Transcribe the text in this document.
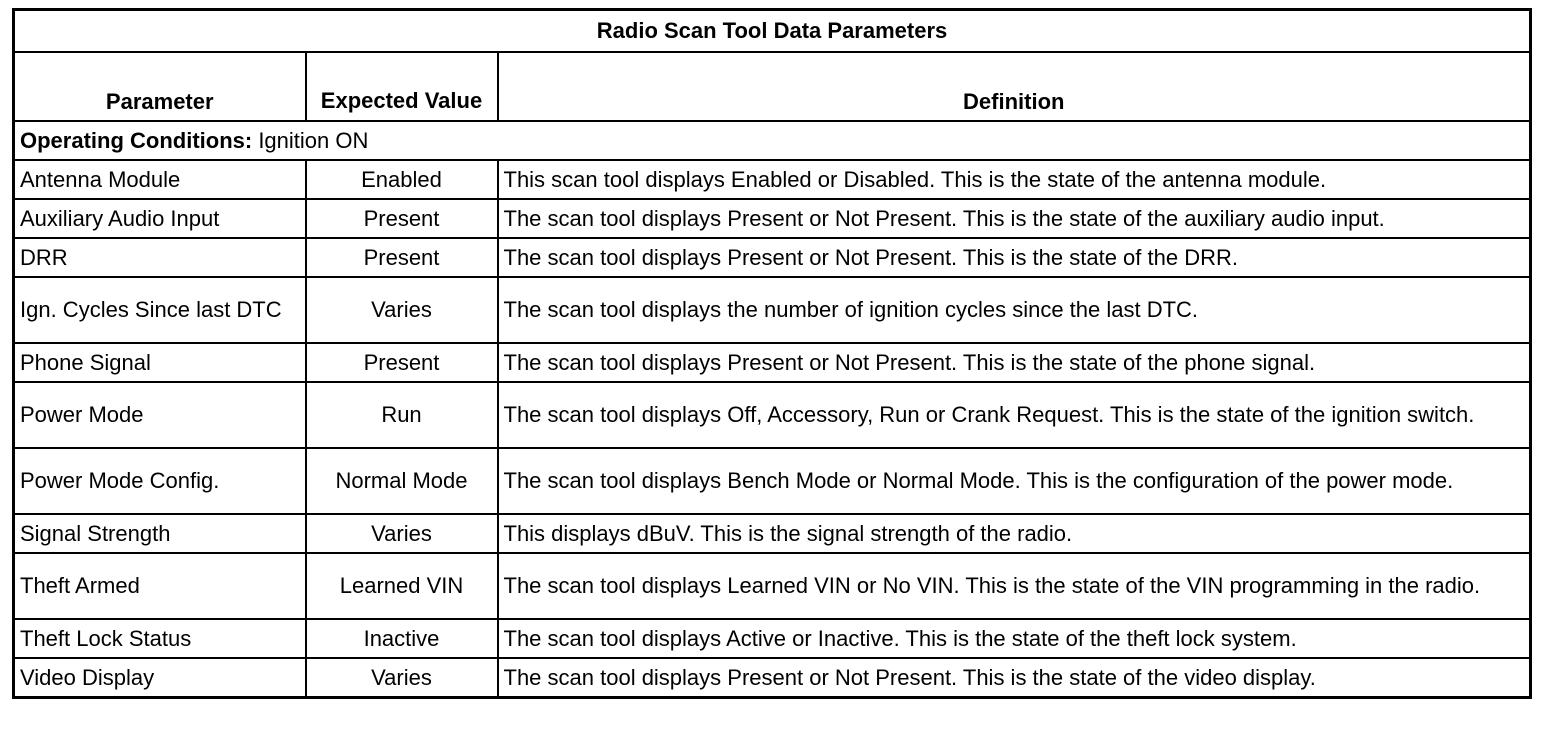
Radio Scan Tool Data Parameters		
Parameter	Expected Value	Definition
Operating Conditions: Ignition ON		
Antenna Module	Enabled	This scan tool displays Enabled or Disabled. This is the state of the antenna module.
Auxiliary Audio Input	Present	The scan tool displays Present or Not Present. This is the state of the auxiliary audio input.
DRR	Present	The scan tool displays Present or Not Present. This is the state of the DRR.
Ign. Cycles Since last DTC	Varies	The scan tool displays the number of ignition cycles since the last DTC.
Phone Signal	Present	The scan tool displays Present or Not Present. This is the state of the phone signal.
Power Mode	Run	The scan tool displays Off, Accessory, Run or Crank Request. This is the state of the ignition switch.
Power Mode Config.	Normal Mode	The scan tool displays Bench Mode or Normal Mode. This is the configuration of the power mode.
Signal Strength	Varies	This displays dBuV. This is the signal strength of the radio.
Theft Armed	Learned VIN	The scan tool displays Learned VIN or No VIN. This is the state of the VIN programming in the radio.
Theft Lock Status	Inactive	The scan tool displays Active or Inactive. This is the state of the theft lock system.
Video Display	Varies	The scan tool displays Present or Not Present. This is the state of the video display.
